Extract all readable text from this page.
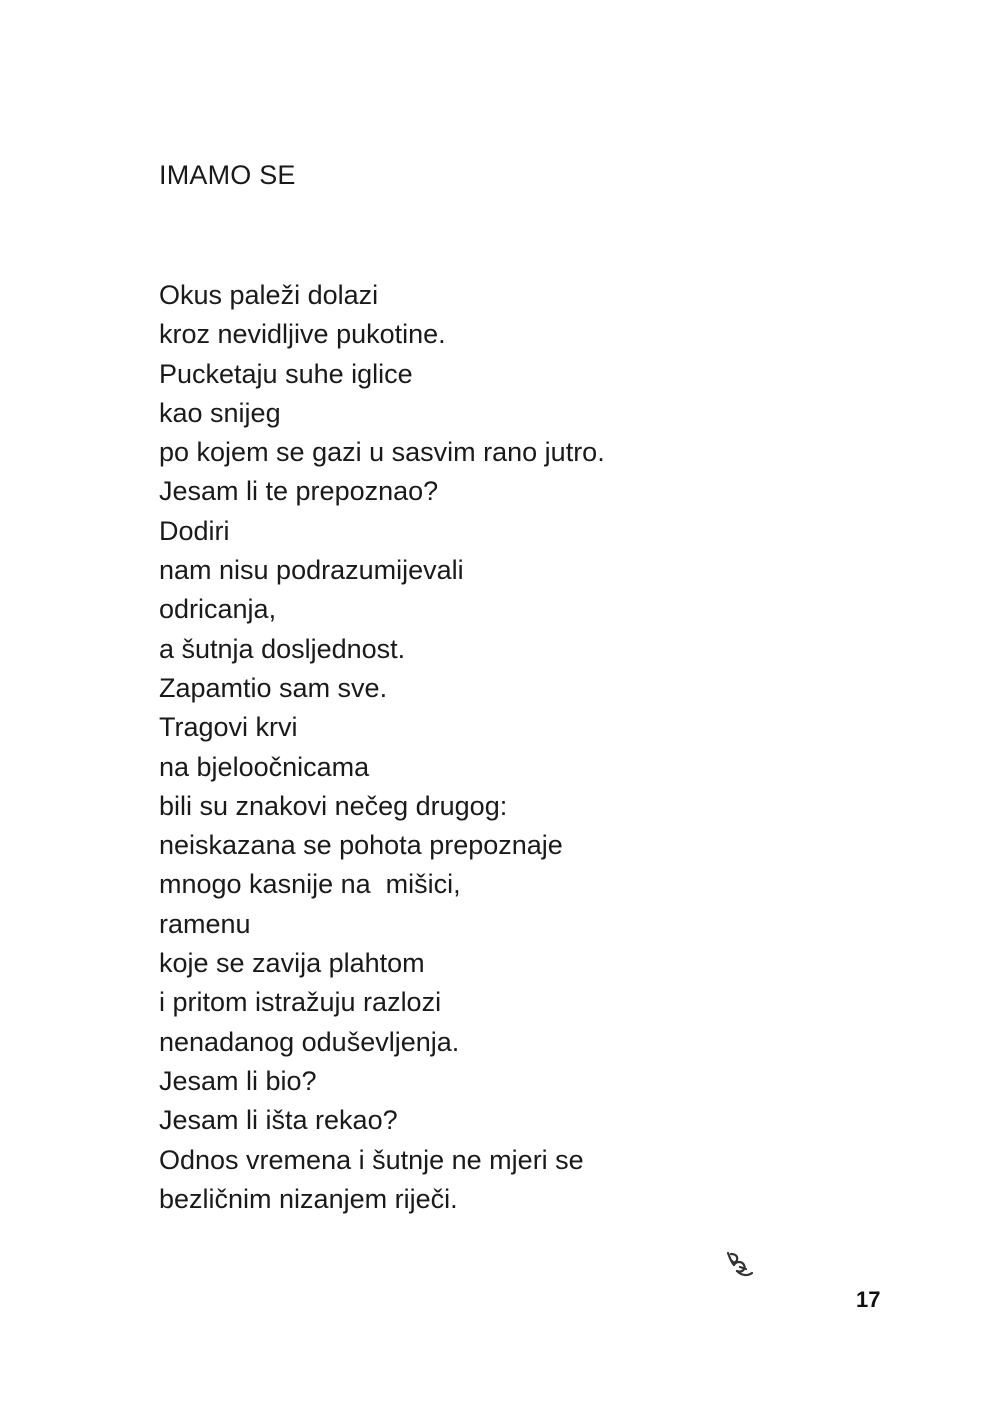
IMAMO SE
Okus paleži dolazi
kroz nevidljive pukotine.
Pucketaju suhe iglice
kao snijeg
po kojem se gazi u sasvim rano jutro.
Jesam li te prepoznao?
Dodiri
nam nisu podrazumijevali
odricanja,
a šutnja dosljednost.
Zapamtio sam sve.
Tragovi krvi
na bjeloočnicama
bili su znakovi nečeg drugog:
neiskazana se pohota prepoznaje
mnogo kasnije na  mišici,
ramenu
koje se zavija plahtom
i pritom istražuju razlozi
nenadanog oduševljenja.
Jesam li bio?
Jesam li išta rekao?
Odnos vremena i šutnje ne mjeri se
bezličnim nizanjem riječi.
17
